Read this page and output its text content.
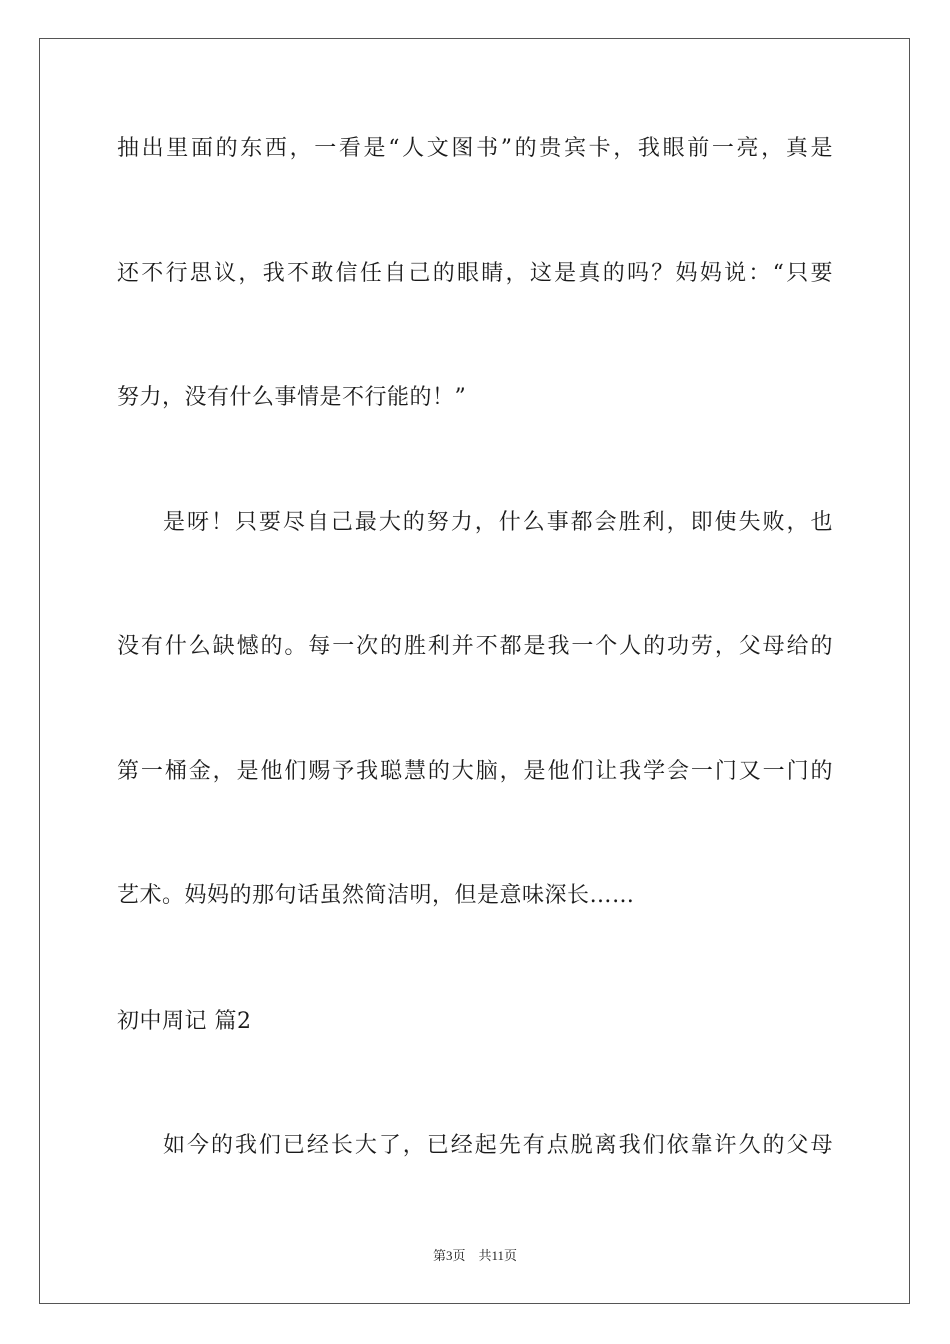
抽出里面的东西，一看是“人文图书”的贵宾卡，我眼前一亮，真是
还不行思议，我不敢信任自己的眼睛，这是真的吗？妈妈说：“只要
努力，没有什么事情是不行能的！”
是呀！只要尽自己最大的努力，什么事都会胜利，即使失败，也
没有什么缺憾的。每一次的胜利并不都是我一个人的功劳，父母给的
第一桶金，是他们赐予我聪慧的大脑，是他们让我学会一门又一门的
艺术。妈妈的那句话虽然简洁明，但是意味深长……
初中周记 篇2
如今的我们已经长大了，已经起先有点脱离我们依靠许久的父母
第3页　共11页
